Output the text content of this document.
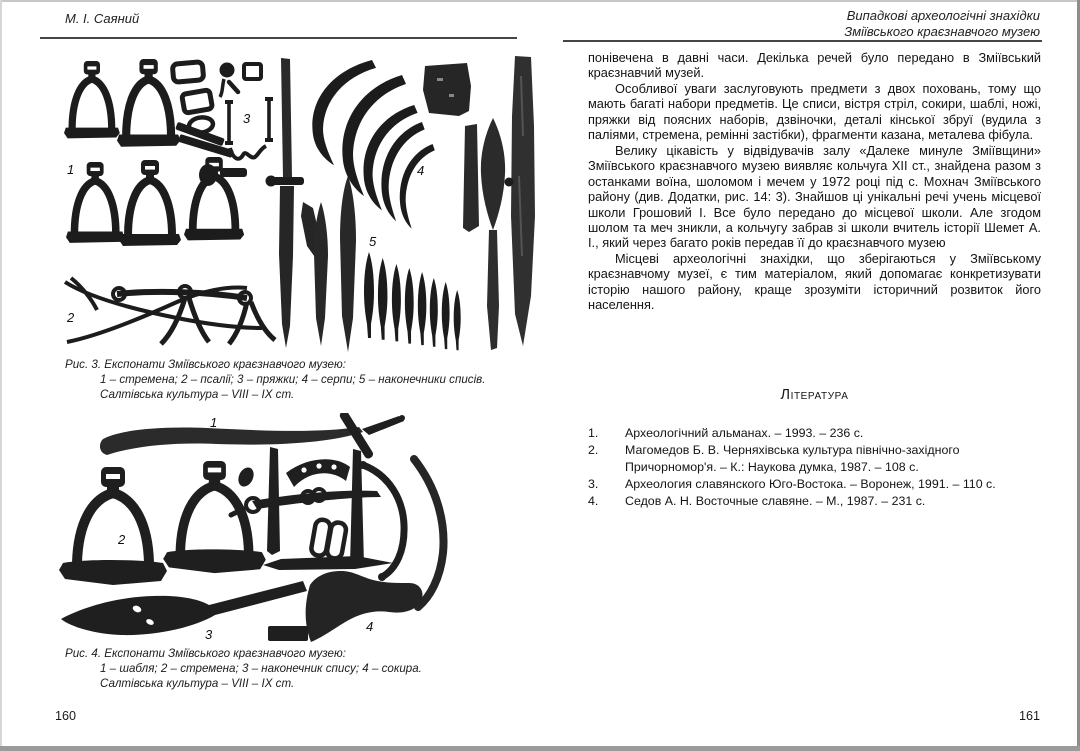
М. І. Саяний
1
2
3
4
5
Рис. 3. Експонати Зміївського краєзнавчого музею:
1 – стремена; 2 – псалії; 3 – пряжки; 4 – серпи; 5 – наконечники списів.
Салтівська культура – VIII – IX ст.
1
2
3
4
Рис. 4. Експонати Зміївського краєзнавчого музею:
1 – шабля; 2 – стремена; 3 – наконечник спису; 4 – сокира.
Салтівська культура – VIII – IX ст.
160
Випадкові археологічні знахідки
Зміївського краєзнавчого музею

понівечена в давні часи. Декілька речей було передано в Зміївський краєзнавчий музей.

Особливої уваги заслуговують предмети з двох поховань, тому що мають багаті набори предметів. Це списи, вістря стріл, сокири, шаблі, ножі, пряжки від поясних наборів, дзвіночки, деталі кінської збруї (вудила з паліями, стремена, ремінні застібки), фрагменти казана, металева фібула.

Велику цікавість у відвідувачів залу «Далеке минуле Зміївщини» Зміївського краєзнавчого музею виявляє кольчуга XII ст., знайдена разом з останками воїна, шоломом і мечем у 1972 році під с. Мохнач Зміївського району (див. Додатки, рис. 14: 3). Знайшов ці унікальні речі учень місцевої школи Грошовий І. Все було передано до місцевої школи. Але згодом шолом та меч зникли, а кольчугу забрав зі школи вчитель історії Шемет А. І., який через багато років передав її до краєзнавчого музею

Місцеві археологічні знахідки, що зберігаються у Зміївському краєзнавчому музеї, є тим матеріалом, який допомагає конкретизувати історію нашого району, краще зрозуміти історичний розвиток його населення.

Література
1.	Археологічний альманах. – 1993. – 236 с.
2.	Магомедов Б. В. Черняхівська культура північно-західного Причорномор'я. – К.: Наукова думка, 1987. – 108 с.
3.	Археология славянского Юго-Востока. – Воронеж, 1991. – 110 с.
4.	Седов А. Н. Восточные славяне. – М., 1987. – 231 с.
161
